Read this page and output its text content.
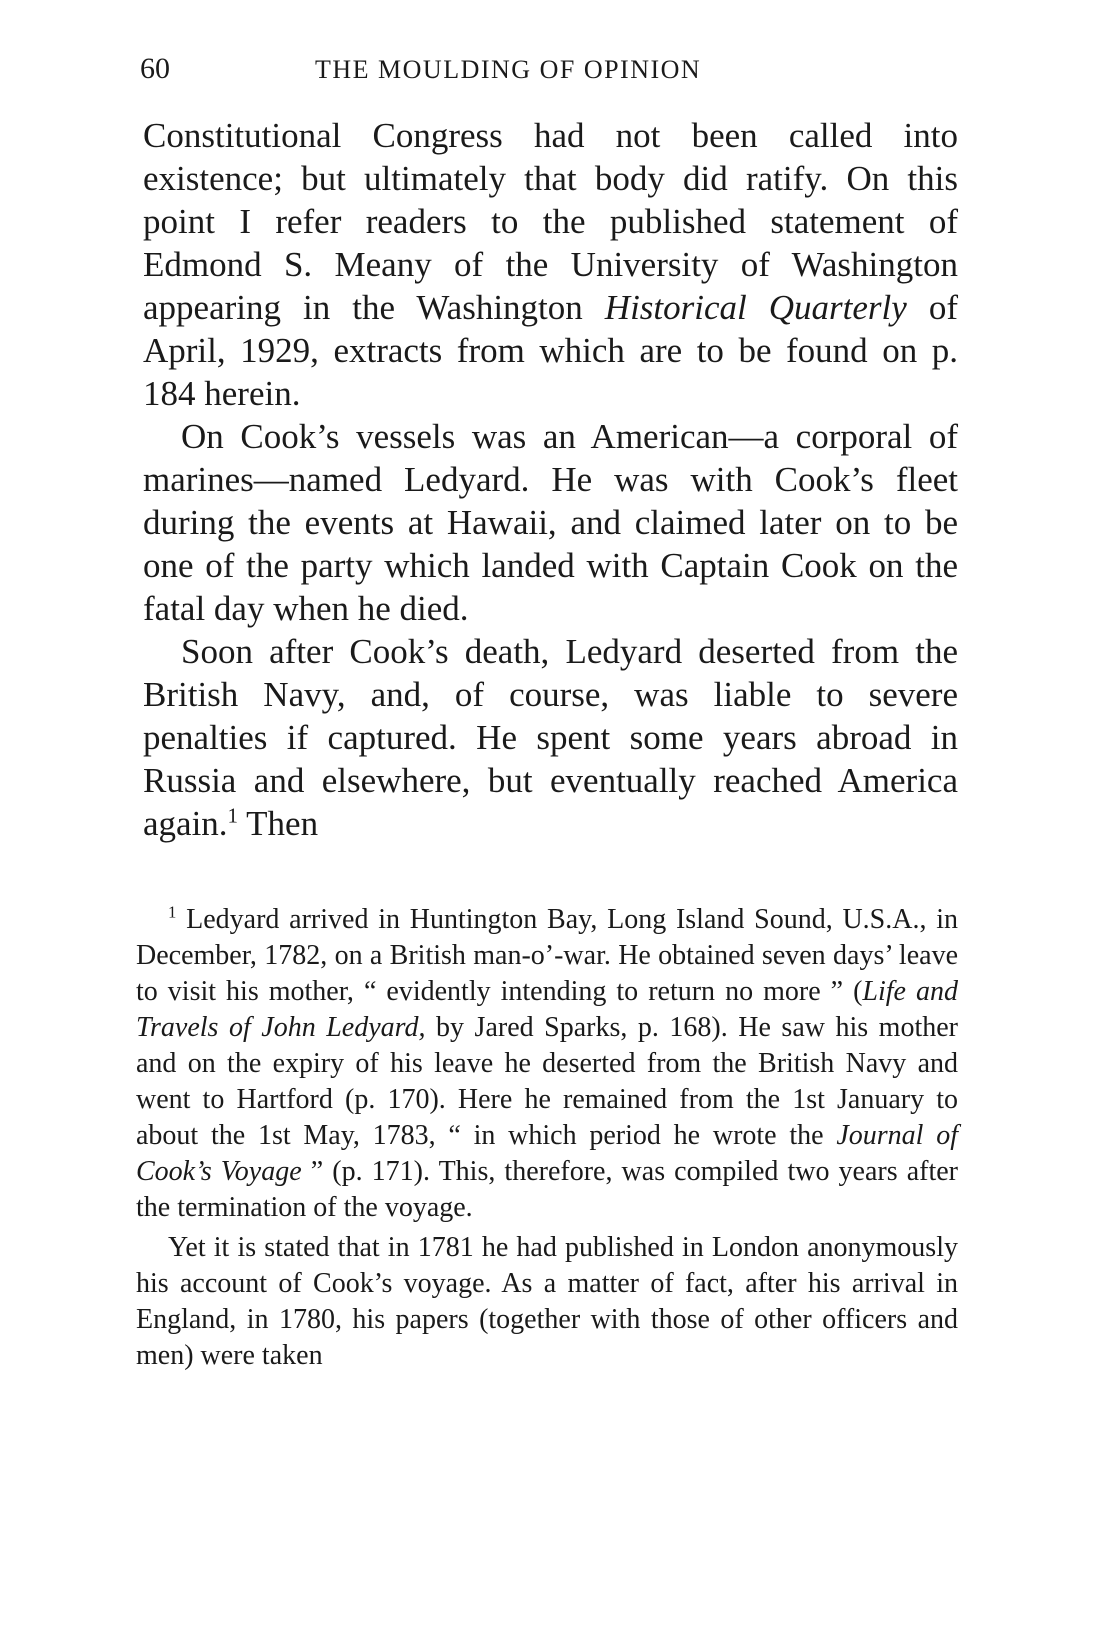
60	THE MOULDING OF OPINION

Constitutional Congress had not been called into existence; but ultimately that body did ratify. On this point I refer readers to the published statement of Edmond S. Meany of the University of Washington appearing in the Washington Historical Quarterly of April, 1929, extracts from which are to be found on p. 184 herein.

On Cook’s vessels was an American—a corporal of marines—named Ledyard. He was with Cook’s fleet during the events at Hawaii, and claimed later on to be one of the party which landed with Captain Cook on the fatal day when he died.

Soon after Cook’s death, Ledyard deserted from the British Navy, and, of course, was liable to severe penalties if captured. He spent some years abroad in Russia and elsewhere, but eventually reached America again.$^1$ Then

$^1$ Ledyard arrived in Huntington Bay, Long Island Sound, U.S.A., in December, 1782, on a British man-o’-war. He obtained seven days’ leave to visit his mother, “ evidently intending to return no more ” (Life and Travels of John Ledyard, by Jared Sparks, p. 168). He saw his mother and on the expiry of his leave he deserted from the British Navy and went to Hartford (p. 170). Here he remained from the 1st January to about the 1st May, 1783, “ in which period he wrote the Journal of Cook’s Voyage ” (p. 171). This, therefore, was compiled two years after the termination of the voyage.

Yet it is stated that in 1781 he had published in London anonymously his account of Cook’s voyage. As a matter of fact, after his arrival in England, in 1780, his papers (together with those of other officers and men) were taken
